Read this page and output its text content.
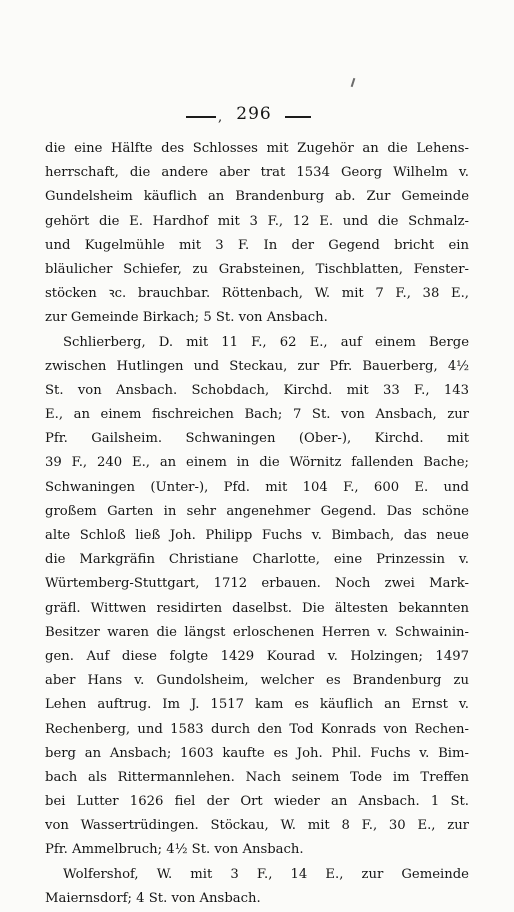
, 296
die eine Hälfte des Schlosses mit Zugehör an die Lehens-
herrschaft, die andere aber trat 1534 Georg Wilhelm v.
Gundelsheim käuflich an Brandenburg ab. Zur Gemeinde
gehört die E. Hardhof mit 3 F., 12 E. und die Schmalz-
und Kugelmühle mit 3 F. In der Gegend bricht ein
bläulicher Schiefer, zu Grabsteinen, Tischblatten, Fenster-
stöcken ꝛc. brauchbar. Röttenbach, W. mit 7 F., 38 E.,
zur Gemeinde Birkach; 5 St. von Ansbach.
Schlierberg, D. mit 11 F., 62 E., auf einem Berge
zwischen Hutlingen und Steckau, zur Pfr. Bauerberg, 4½
St. von Ansbach. Schobdach, Kirchd. mit 33 F., 143
E., an einem fischreichen Bach; 7 St. von Ansbach, zur
Pfr. Gailsheim. Schwaningen (Ober-), Kirchd. mit
39 F., 240 E., an einem in die Wörnitz fallenden Bache;
Schwaningen (Unter-), Pfd. mit 104 F., 600 E. und
großem Garten in sehr angenehmer Gegend. Das schöne
alte Schloß ließ Joh. Philipp Fuchs v. Bimbach, das neue
die Markgräfin Christiane Charlotte, eine Prinzessin v.
Würtemberg-Stuttgart, 1712 erbauen. Noch zwei Mark-
gräfl. Wittwen residirten daselbst. Die ältesten bekannten
Besitzer waren die längst erloschenen Herren v. Schwainin-
gen. Auf diese folgte 1429 Kourad v. Holzingen; 1497
aber Hans v. Gundolsheim, welcher es Brandenburg zu
Lehen auftrug. Im J. 1517 kam es käuflich an Ernst v.
Rechenberg, und 1583 durch den Tod Konrads von Rechen-
berg an Ansbach; 1603 kaufte es Joh. Phil. Fuchs v. Bim-
bach als Rittermannlehen. Nach seinem Tode im Treffen
bei Lutter 1626 fiel der Ort wieder an Ansbach. 1 St.
von Wassertrüdingen. Stöckau, W. mit 8 F., 30 E., zur
Pfr. Ammelbruch; 4½ St. von Ansbach.
Wolfershof, W. mit 3 F., 14 E., zur Gemeinde
Maiernsdorf; 4 St. von Ansbach.
